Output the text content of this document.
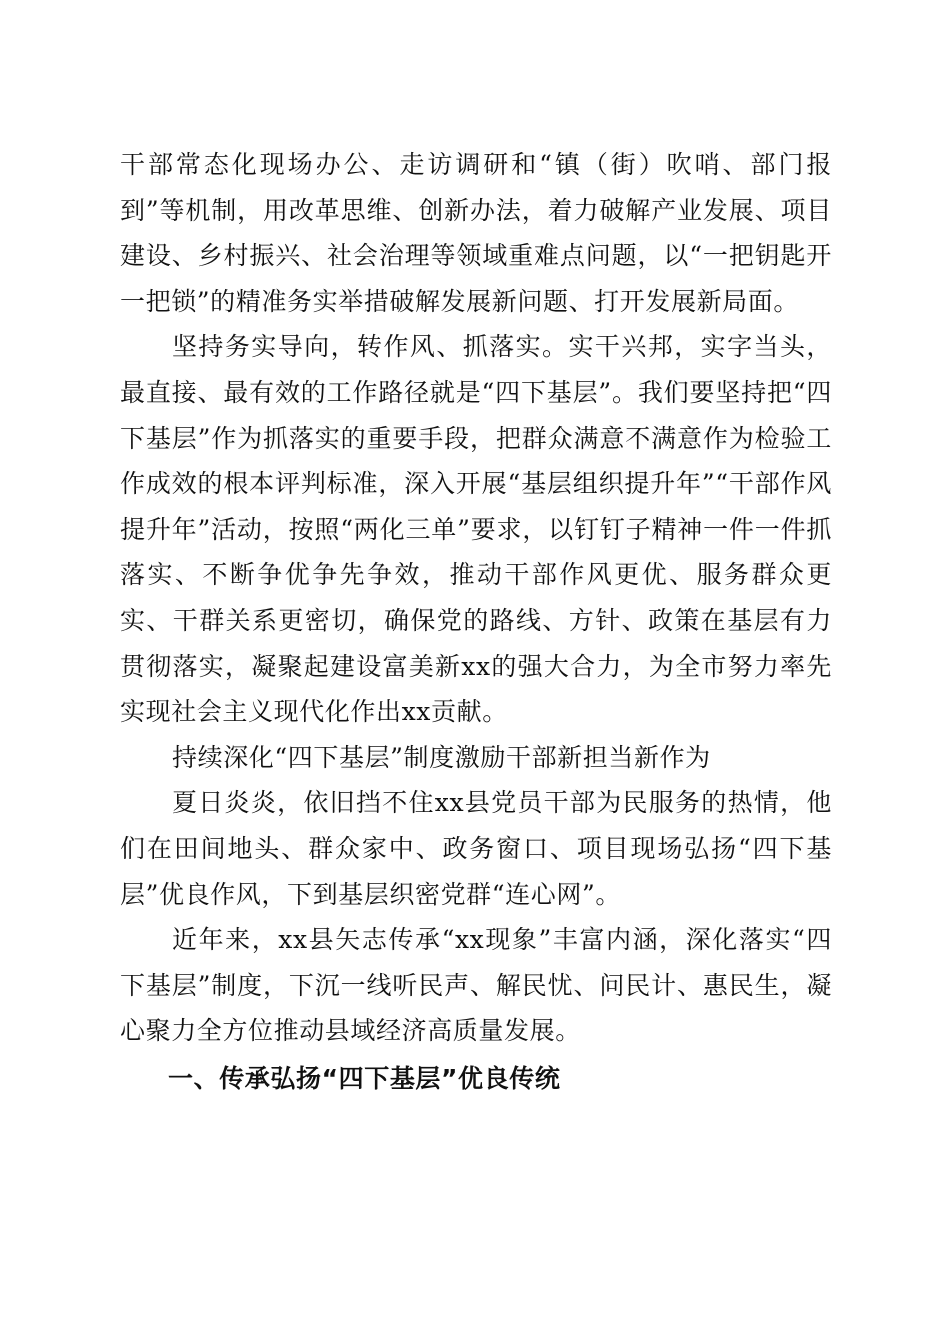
干部常态化现场办公、走访调研和“镇（街）吹哨、部门报到”等机制，用改革思维、创新办法，着力破解产业发展、项目建设、乡村振兴、社会治理等领域重难点问题，以“一把钥匙开一把锁”的精准务实举措破解发展新问题、打开发展新局面。

坚持务实导向，转作风、抓落实。实干兴邦，实字当头，最直接、最有效的工作路径就是“四下基层”。我们要坚持把“四下基层”作为抓落实的重要手段，把群众满意不满意作为检验工作成效的根本评判标准，深入开展“基层组织提升年”“干部作风提升年”活动，按照“两化三单”要求，以钉钉子精神一件一件抓落实、不断争优争先争效，推动干部作风更优、服务群众更实、干群关系更密切，确保党的路线、方针、政策在基层有力贯彻落实，凝聚起建设富美新xx的强大合力，为全市努力率先实现社会主义现代化作出xx贡献。

持续深化“四下基层”制度激励干部新担当新作为

夏日炎炎，依旧挡不住xx县党员干部为民服务的热情，他们在田间地头、群众家中、政务窗口、项目现场弘扬“四下基层”优良作风，下到基层织密党群“连心网”。

近年来，xx县矢志传承“xx现象”丰富内涵，深化落实“四下基层”制度，下沉一线听民声、解民忧、问民计、惠民生，凝心聚力全方位推动县域经济高质量发展。

一、传承弘扬“四下基层”优良传统
